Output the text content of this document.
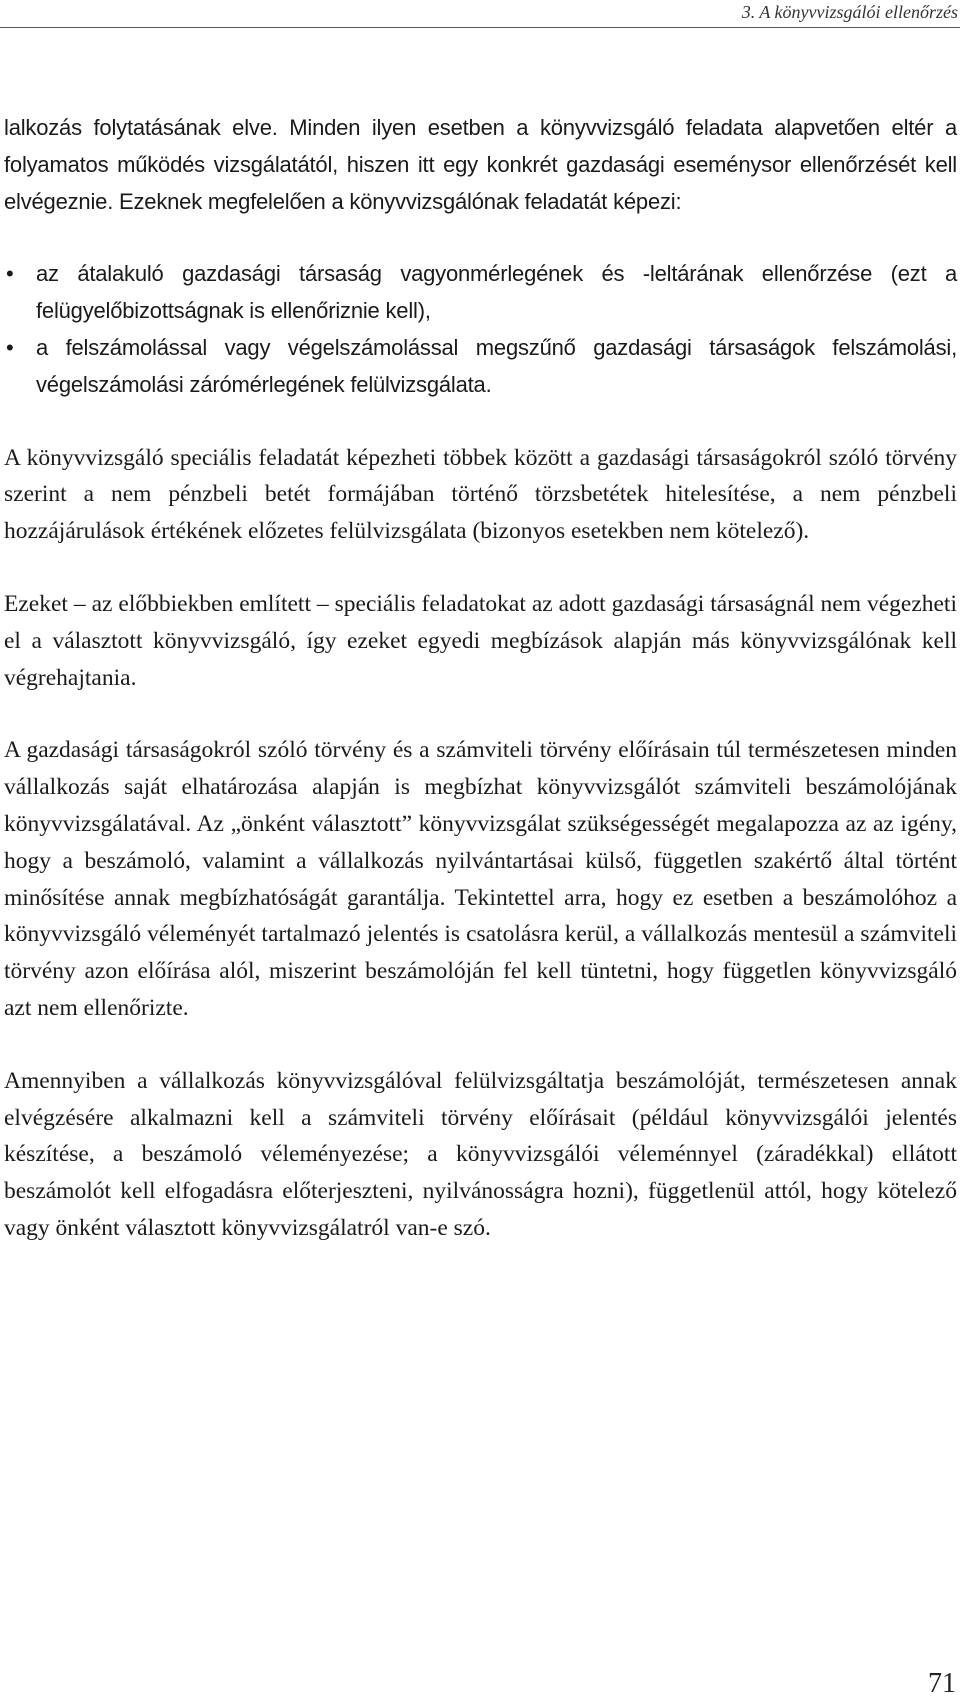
3. A könyvvizsgálói ellenőrzés

lalkozás folytatásának elve. Minden ilyen esetben a könyvvizsgáló feladata alapvetően eltér a folyamatos működés vizsgálatától, hiszen itt egy konkrét gazdasági eseménysor ellenőrzését kell elvégeznie. Ezeknek megfelelően a könyvvizsgálónak feladatát képezi:

• az átalakuló gazdasági társaság vagyonmérlegének és -leltárának ellenőrzése (ezt a felügyelőbizottságnak is ellenőriznie kell),
• a felszámolással vagy végelszámolással megszűnő gazdasági társaságok felszámolási, végelszámolási zárómérlegének felülvizsgálata.

A könyvvizsgáló speciális feladatát képezheti többek között a gazdasági társaságokról szóló törvény szerint a nem pénzbeli betét formájában történő törzsbetétek hitelesítése, a nem pénzbeli hozzájárulások értékének előzetes felülvizsgálata (bizonyos esetekben nem kötelező).

Ezeket – az előbbiekben említett – speciális feladatokat az adott gazdasági társaságnál nem végezheti el a választott könyvvizsgáló, így ezeket egyedi megbízások alapján más könyvvizsgálónak kell végrehajtania.

A gazdasági társaságokról szóló törvény és a számviteli törvény előírásain túl természetesen minden vállalkozás saját elhatározása alapján is megbízhat könyvvizsgálót számviteli beszámolójának könyvvizsgálatával. Az „önként választott” könyvvizsgálat szükségességét megalapozza az az igény, hogy a beszámoló, valamint a vállalkozás nyilvántartásai külső, független szakértő által történt minősítése annak megbízhatóságát garantálja. Tekintettel arra, hogy ez esetben a beszámolóhoz a könyvvizsgáló véleményét tartalmazó jelentés is csatolásra kerül, a vállalkozás mentesül a számviteli törvény azon előírása alól, miszerint beszámolóján fel kell tüntetni, hogy független könyvvizsgáló azt nem ellenőrizte.

Amennyiben a vállalkozás könyvvizsgálóval felülvizsgáltatja beszámolóját, természetesen annak elvégzésére alkalmazni kell a számviteli törvény előírásait (például könyvvizsgálói jelentés készítése, a beszámoló véleményezése; a könyvvizsgálói véleménnyel (záradékkal) ellátott beszámolót kell elfogadásra előterjeszteni, nyilvánosságra hozni), függetlenül attól, hogy kötelező vagy önként választott könyvvizsgálatról van-e szó.

71
